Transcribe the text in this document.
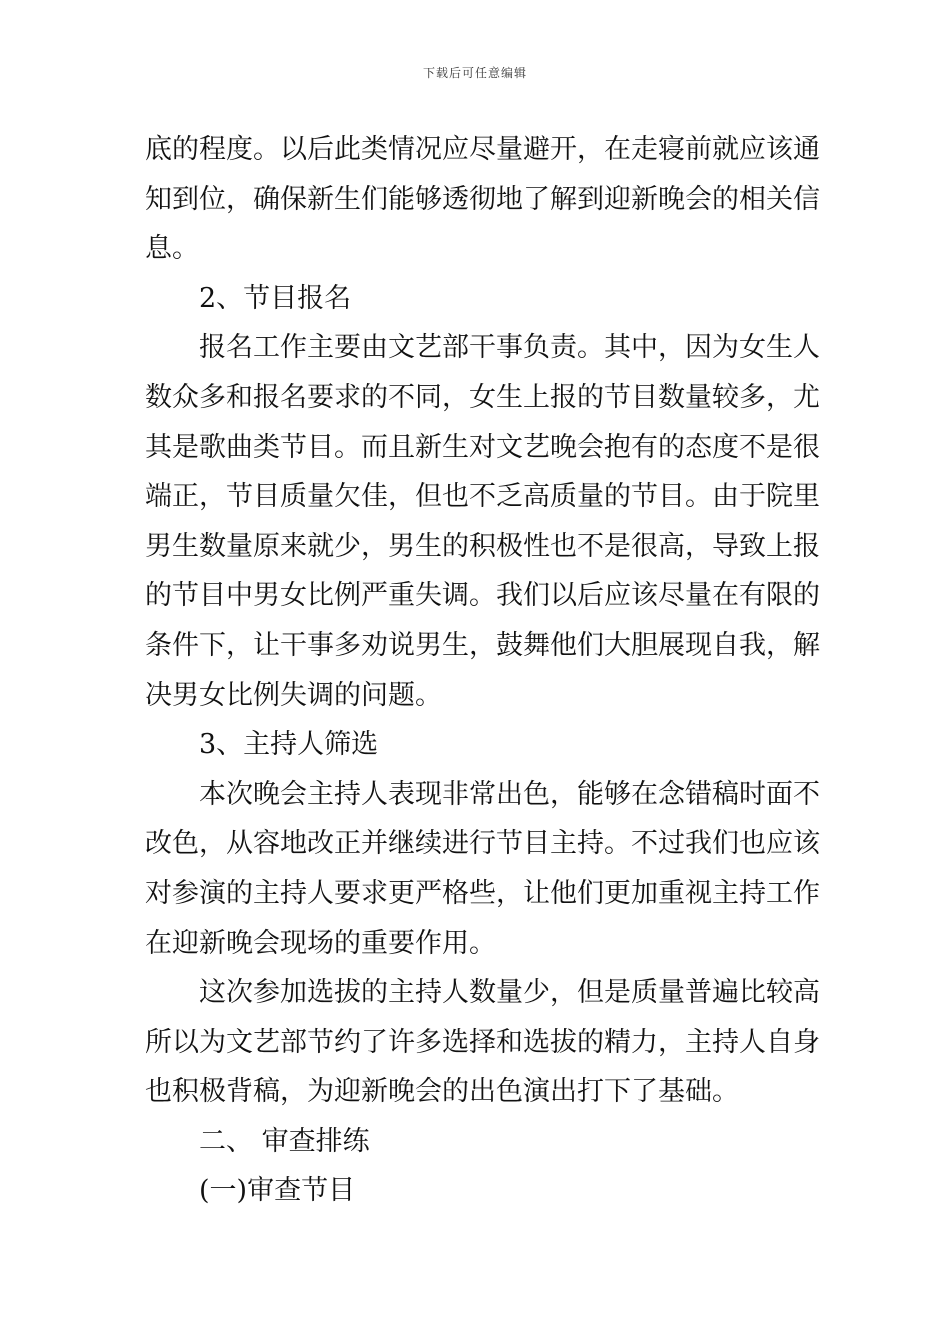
下载后可任意编辑
底的程度。以后此类情况应尽量避开，在走寝前就应该通
知到位，确保新生们能够透彻地了解到迎新晚会的相关信
息。
2、节目报名
报名工作主要由文艺部干事负责。其中，因为女生人
数众多和报名要求的不同，女生上报的节目数量较多，尤
其是歌曲类节目。而且新生对文艺晚会抱有的态度不是很
端正，节目质量欠佳，但也不乏高质量的节目。由于院里
男生数量原来就少，男生的积极性也不是很高，导致上报
的节目中男女比例严重失调。我们以后应该尽量在有限的
条件下，让干事多劝说男生，鼓舞他们大胆展现自我，解
决男女比例失调的问题。
3、主持人筛选
本次晚会主持人表现非常出色，能够在念错稿时面不
改色，从容地改正并继续进行节目主持。不过我们也应该
对参演的主持人要求更严格些，让他们更加重视主持工作
在迎新晚会现场的重要作用。
这次参加选拔的主持人数量少，但是质量普遍比较高
所以为文艺部节约了许多选择和选拔的精力，主持人自身
也积极背稿，为迎新晚会的出色演出打下了基础。
二、 审查排练
(一)审查节目
